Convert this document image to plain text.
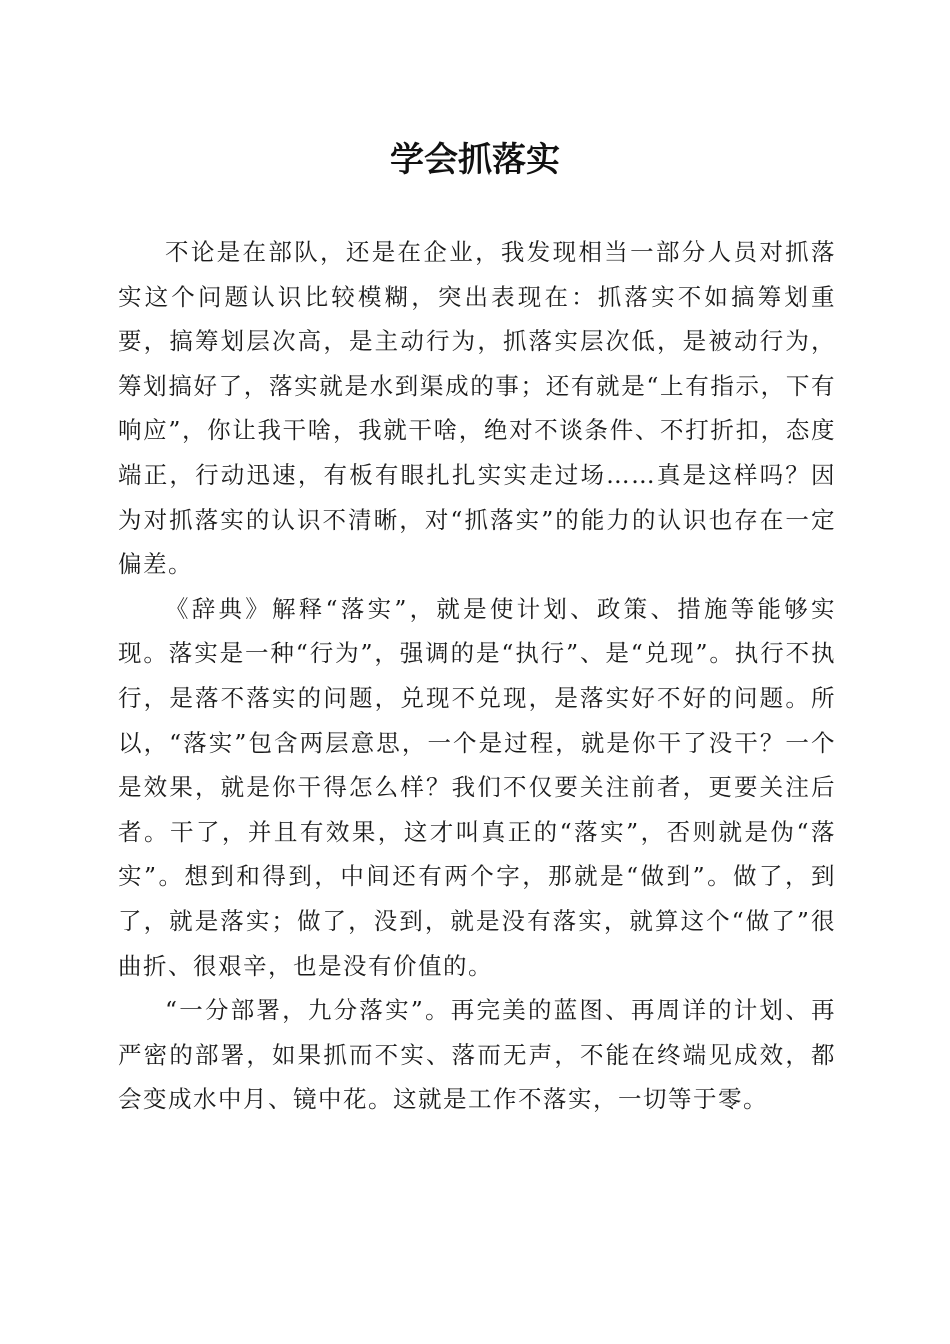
学会抓落实

不论是在部队，还是在企业，我发现相当一部分人员对抓落实这个问题认识比较模糊，突出表现在：抓落实不如搞筹划重要，搞筹划层次高，是主动行为，抓落实层次低，是被动行为，筹划搞好了，落实就是水到渠成的事；还有就是“上有指示，下有响应”，你让我干啥，我就干啥，绝对不谈条件、不打折扣，态度端正，行动迅速，有板有眼扎扎实实走过场……真是这样吗？因为对抓落实的认识不清晰，对“抓落实”的能力的认识也存在一定偏差。

《辞典》解释“落实”，就是使计划、政策、措施等能够实现。落实是一种“行为”，强调的是“执行”、是“兑现”。执行不执行，是落不落实的问题，兑现不兑现，是落实好不好的问题。所以，“落实”包含两层意思，一个是过程，就是你干了没干？一个是效果，就是你干得怎么样？我们不仅要关注前者，更要关注后者。干了，并且有效果，这才叫真正的“落实”，否则就是伪“落实”。想到和得到，中间还有两个字，那就是“做到”。做了，到了，就是落实；做了，没到，就是没有落实，就算这个“做了”很曲折、很艰辛，也是没有价值的。

“一分部署，九分落实”。再完美的蓝图、再周详的计划、再严密的部署，如果抓而不实、落而无声，不能在终端见成效，都会变成水中月、镜中花。这就是工作不落实，一切等于零。
